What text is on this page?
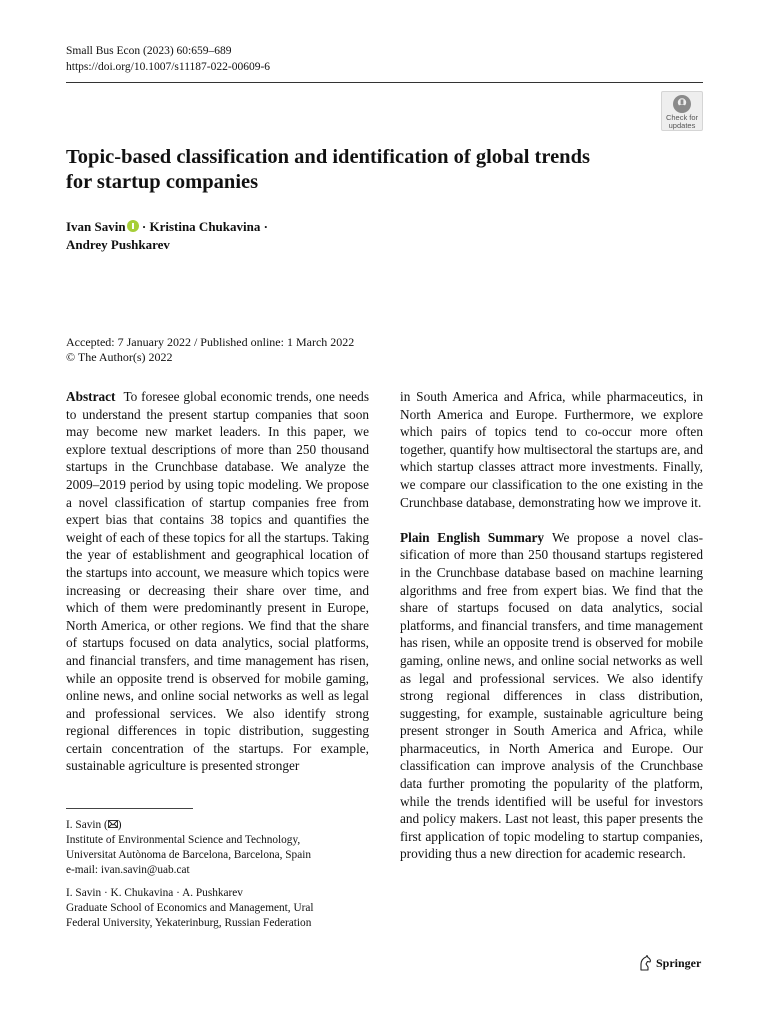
Small Bus Econ (2023) 60:659–689
https://doi.org/10.1007/s11187-022-00609-6
Check for
updates
Topic-based classification and identification of global trends
for startup companies
Ivan Savin · Kristina Chukavina ·
Andrey Pushkarev
Accepted: 7 January 2022 / Published online: 1 March 2022
© The Author(s) 2022
Abstract To foresee global economic trends, one needs to understand the present startup companies that soon may become new market leaders. In this paper, we explore textual descriptions of more than 250 thousand startups in the Crunchbase database. We analyze the 2009–2019 period by using topic modeling. We propose a novel classification of startup companies free from expert bias that contains 38 topics and quantifies the weight of each of these topics for all the startups. Taking the year of establishment and geographical location of the startups into account, we measure which topics were increasing or decreasing their share over time, and which of them were predominantly present in Europe, North America, or other regions. We find that the share of startups focused on data analytics, social platforms, and financial transfers, and time management has risen, while an opposite trend is observed for mobile gaming, online news, and online social networks as well as legal and professional services. We also identify strong regional differences in topic distribution, suggesting certain concentration of the startups. For example, sustainable agriculture is presented stronger
in South America and Africa, while pharmaceutics, in North America and Europe. Furthermore, we explore which pairs of topics tend to co-occur more often together, quantify how multisectoral the startups are, and which startup classes attract more investments. Finally, we compare our classification to the one existing in the Crunchbase database, demonstrating how we improve it.
Plain English Summary We propose a novel classification of more than 250 thousand startups registered in the Crunchbase database based on machine learning algorithms and free from expert bias. We find that the share of startups focused on data analytics, social platforms, and financial transfers, and time management has risen, while an opposite trend is observed for mobile gaming, online news, and online social networks as well as legal and professional services. We also identify strong regional differences in class distribution, suggesting, for example, sustainable agriculture being present stronger in South America and Africa, while pharmaceutics, in North America and Europe. Our classification can improve analysis of the Crunchbase data further promoting the popularity of the platform, while the trends identified will be useful for investors and policy makers. Last not least, this paper presents the first application of topic modeling to startup companies, providing thus a new direction for academic research.
I. Savin ( )
Institute of Environmental Science and Technology,
Universitat Autònoma de Barcelona, Barcelona, Spain
e-mail: ivan.savin@uab.cat
I. Savin · K. Chukavina · A. Pushkarev
Graduate School of Economics and Management, Ural
Federal University, Yekaterinburg, Russian Federation
Springer
